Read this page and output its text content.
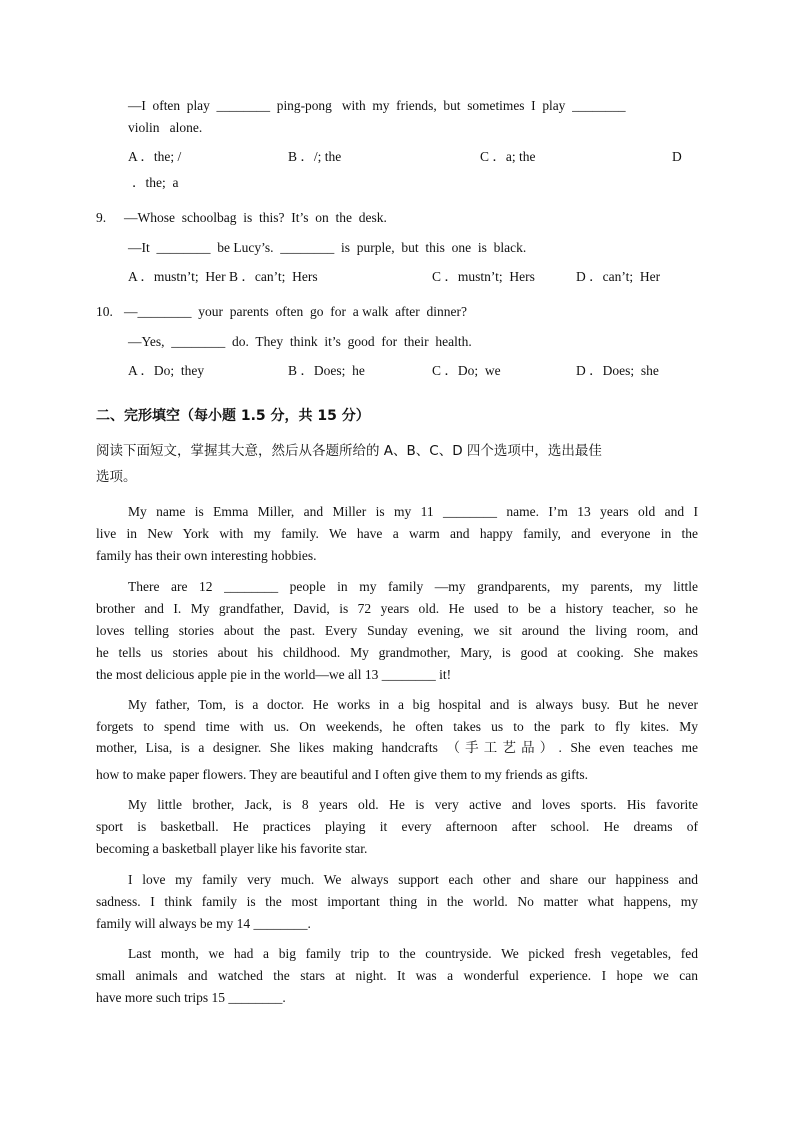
—I  often  play  ________  ping-pong   with  my  friends,  but  sometimes  I  play  ________
violin   alone.
A ．the; /	B ．/; the	C ．a; the	D
．the;  a
9. —Whose  schoolbag  is  this?  It’s  on  the  desk.
—It  ________  be Lucy’s.  ________  is  purple,  but  this  one  is  black.
A ．mustn’t;  Her B ．can’t;  Hers	C ．mustn’t;  Hers	D ．can’t;  Her
10. —________  your  parents  often  go  for  a walk  after  dinner?
—Yes,  ________  do.  They  think  it’s  good  for  their  health.
A ．Do;  they	B ．Does;  he	C ．Do;  we	D ．Does;  she
二、完形填空（每小题 1.5 分，共 15 分）
阅读下面短文，掌握其大意，然后从各题所给的 A、B、C、D 四个选项中，选出最佳
选项。
My name is Emma Miller, and Miller is my 11 ________ name. I’m 13 years old and I
live in New York with my family. We have a warm and happy family, and everyone in the
family has their own interesting hobbies.
There are 12 ________ people in my family —my grandparents, my parents, my little
brother and I. My grandfather, David, is 72 years old. He used to be a history teacher, so he
loves telling stories about the past. Every Sunday evening, we sit around the living room, and
he tells us stories about his childhood. My grandmother, Mary, is good at cooking. She makes
the most delicious apple pie in the world—we all 13 ________ it!
My father, Tom, is a doctor. He works in a big hospital and is always busy. But he never
forgets to spend time with us. On weekends, he often takes us to the park to fly kites. My
mother, Lisa, is a designer. She likes making handcrafts （手工艺品）. She even teaches me
how to make paper flowers. They are beautiful and I often give them to my friends as gifts.
My little brother, Jack, is 8 years old. He is very active and loves sports. His favorite
sport is basketball. He practices playing it every afternoon after school. He dreams of
becoming a basketball player like his favorite star.
I love my family very much. We always support each other and share our happiness and
sadness. I think family is the most important thing in the world. No matter what happens, my
family will always be my 14 ________.
Last month, we had a big family trip to the countryside. We picked fresh vegetables, fed
small animals and watched the stars at night. It was a wonderful experience. I hope we can
have more such trips 15 ________.
